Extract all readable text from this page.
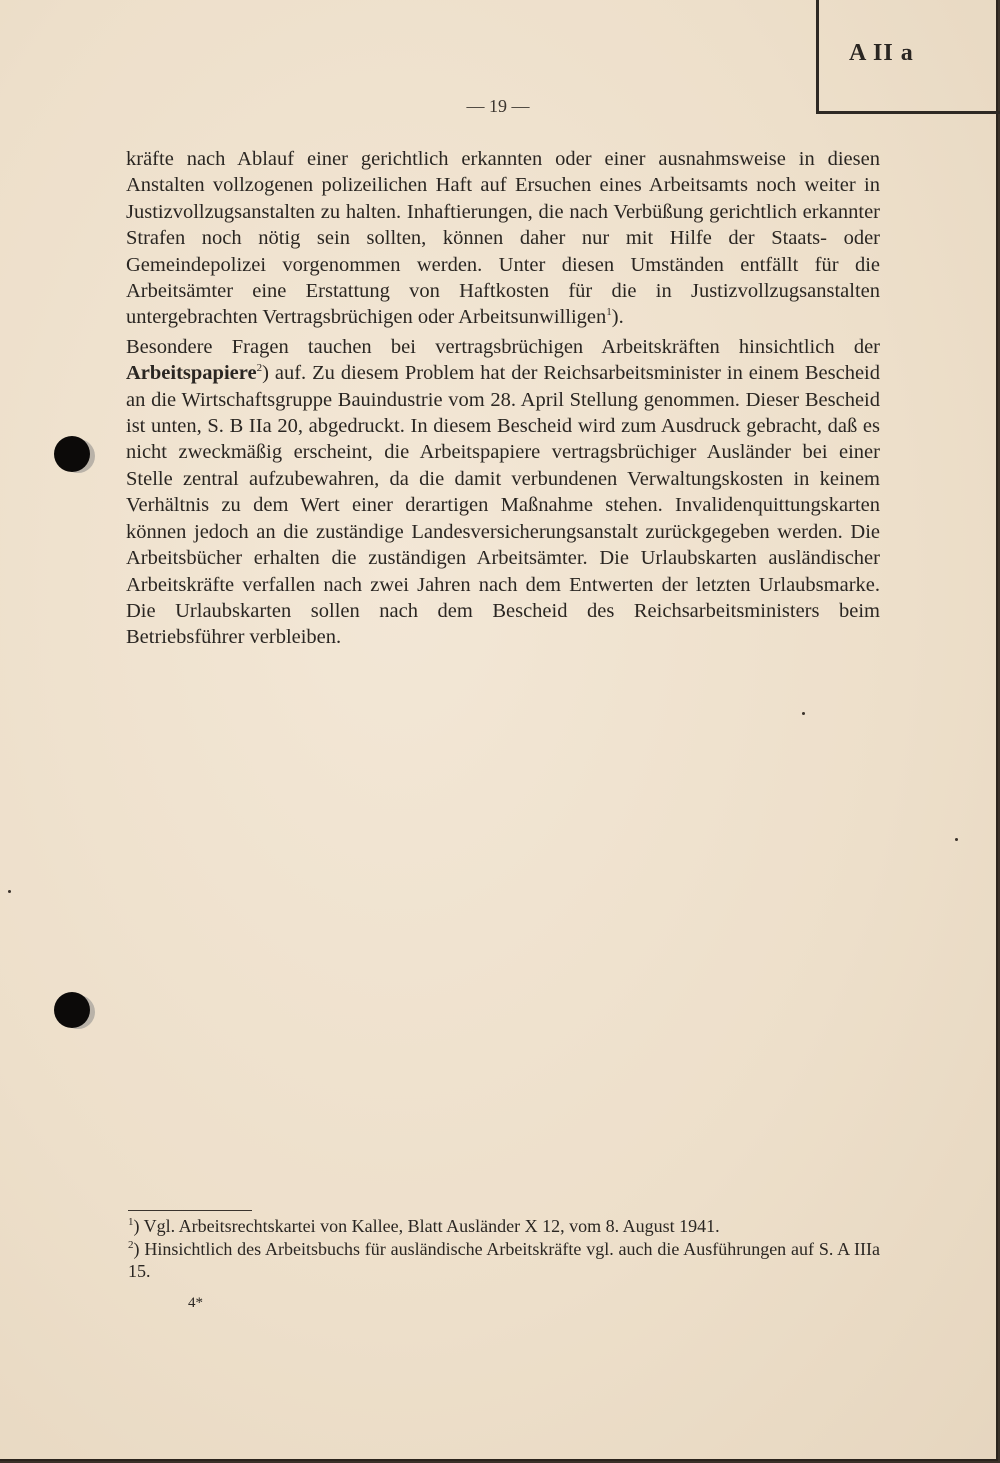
A II a
— 19 —

kräfte nach Ablauf einer gerichtlich erkannten oder einer ausnahmsweise in diesen Anstalten vollzogenen polizeilichen Haft auf Ersuchen eines Arbeitsamts noch weiter in Justizvollzugsanstalten zu halten. Inhaftierungen, die nach Verbüßung gerichtlich erkannter Strafen noch nötig sein sollten, können daher nur mit Hilfe der Staats- oder Gemeindepolizei vorgenommen werden. Unter diesen Umständen entfällt für die Arbeitsämter eine Erstattung von Haftkosten für die in Justizvollzugsanstalten untergebrachten Vertragsbrüchigen oder Arbeitsunwilligen$^1$).

Besondere Fragen tauchen bei vertragsbrüchigen Arbeitskräften hinsichtlich der Arbeitspapiere$^2$) auf. Zu diesem Problem hat der Reichsarbeitsminister in einem Bescheid an die Wirtschaftsgruppe Bauindustrie vom 28. April Stellung genommen. Dieser Bescheid ist unten, S. B IIa 20, abgedruckt. In diesem Bescheid wird zum Ausdruck gebracht, daß es nicht zweckmäßig erscheint, die Arbeitspapiere vertragsbrüchiger Ausländer bei einer Stelle zentral aufzubewahren, da die damit verbundenen Verwaltungskosten in keinem Verhältnis zu dem Wert einer derartigen Maßnahme stehen. Invalidenquittungskarten können jedoch an die zuständige Landesversicherungsanstalt zurückgegeben werden. Die Arbeitsbücher erhalten die zuständigen Arbeitsämter. Die Urlaubskarten ausländischer Arbeitskräfte verfallen nach zwei Jahren nach dem Entwerten der letzten Urlaubsmarke. Die Urlaubskarten sollen nach dem Bescheid des Reichsarbeitsministers beim Betriebsführer verbleiben.

$^1$) Vgl. Arbeitsrechtskartei von Kallee, Blatt Ausländer X 12, vom 8. August 1941.

$^2$) Hinsichtlich des Arbeitsbuchs für ausländische Arbeitskräfte vgl. auch die Ausführungen auf S. A IIIa 15.

4*
